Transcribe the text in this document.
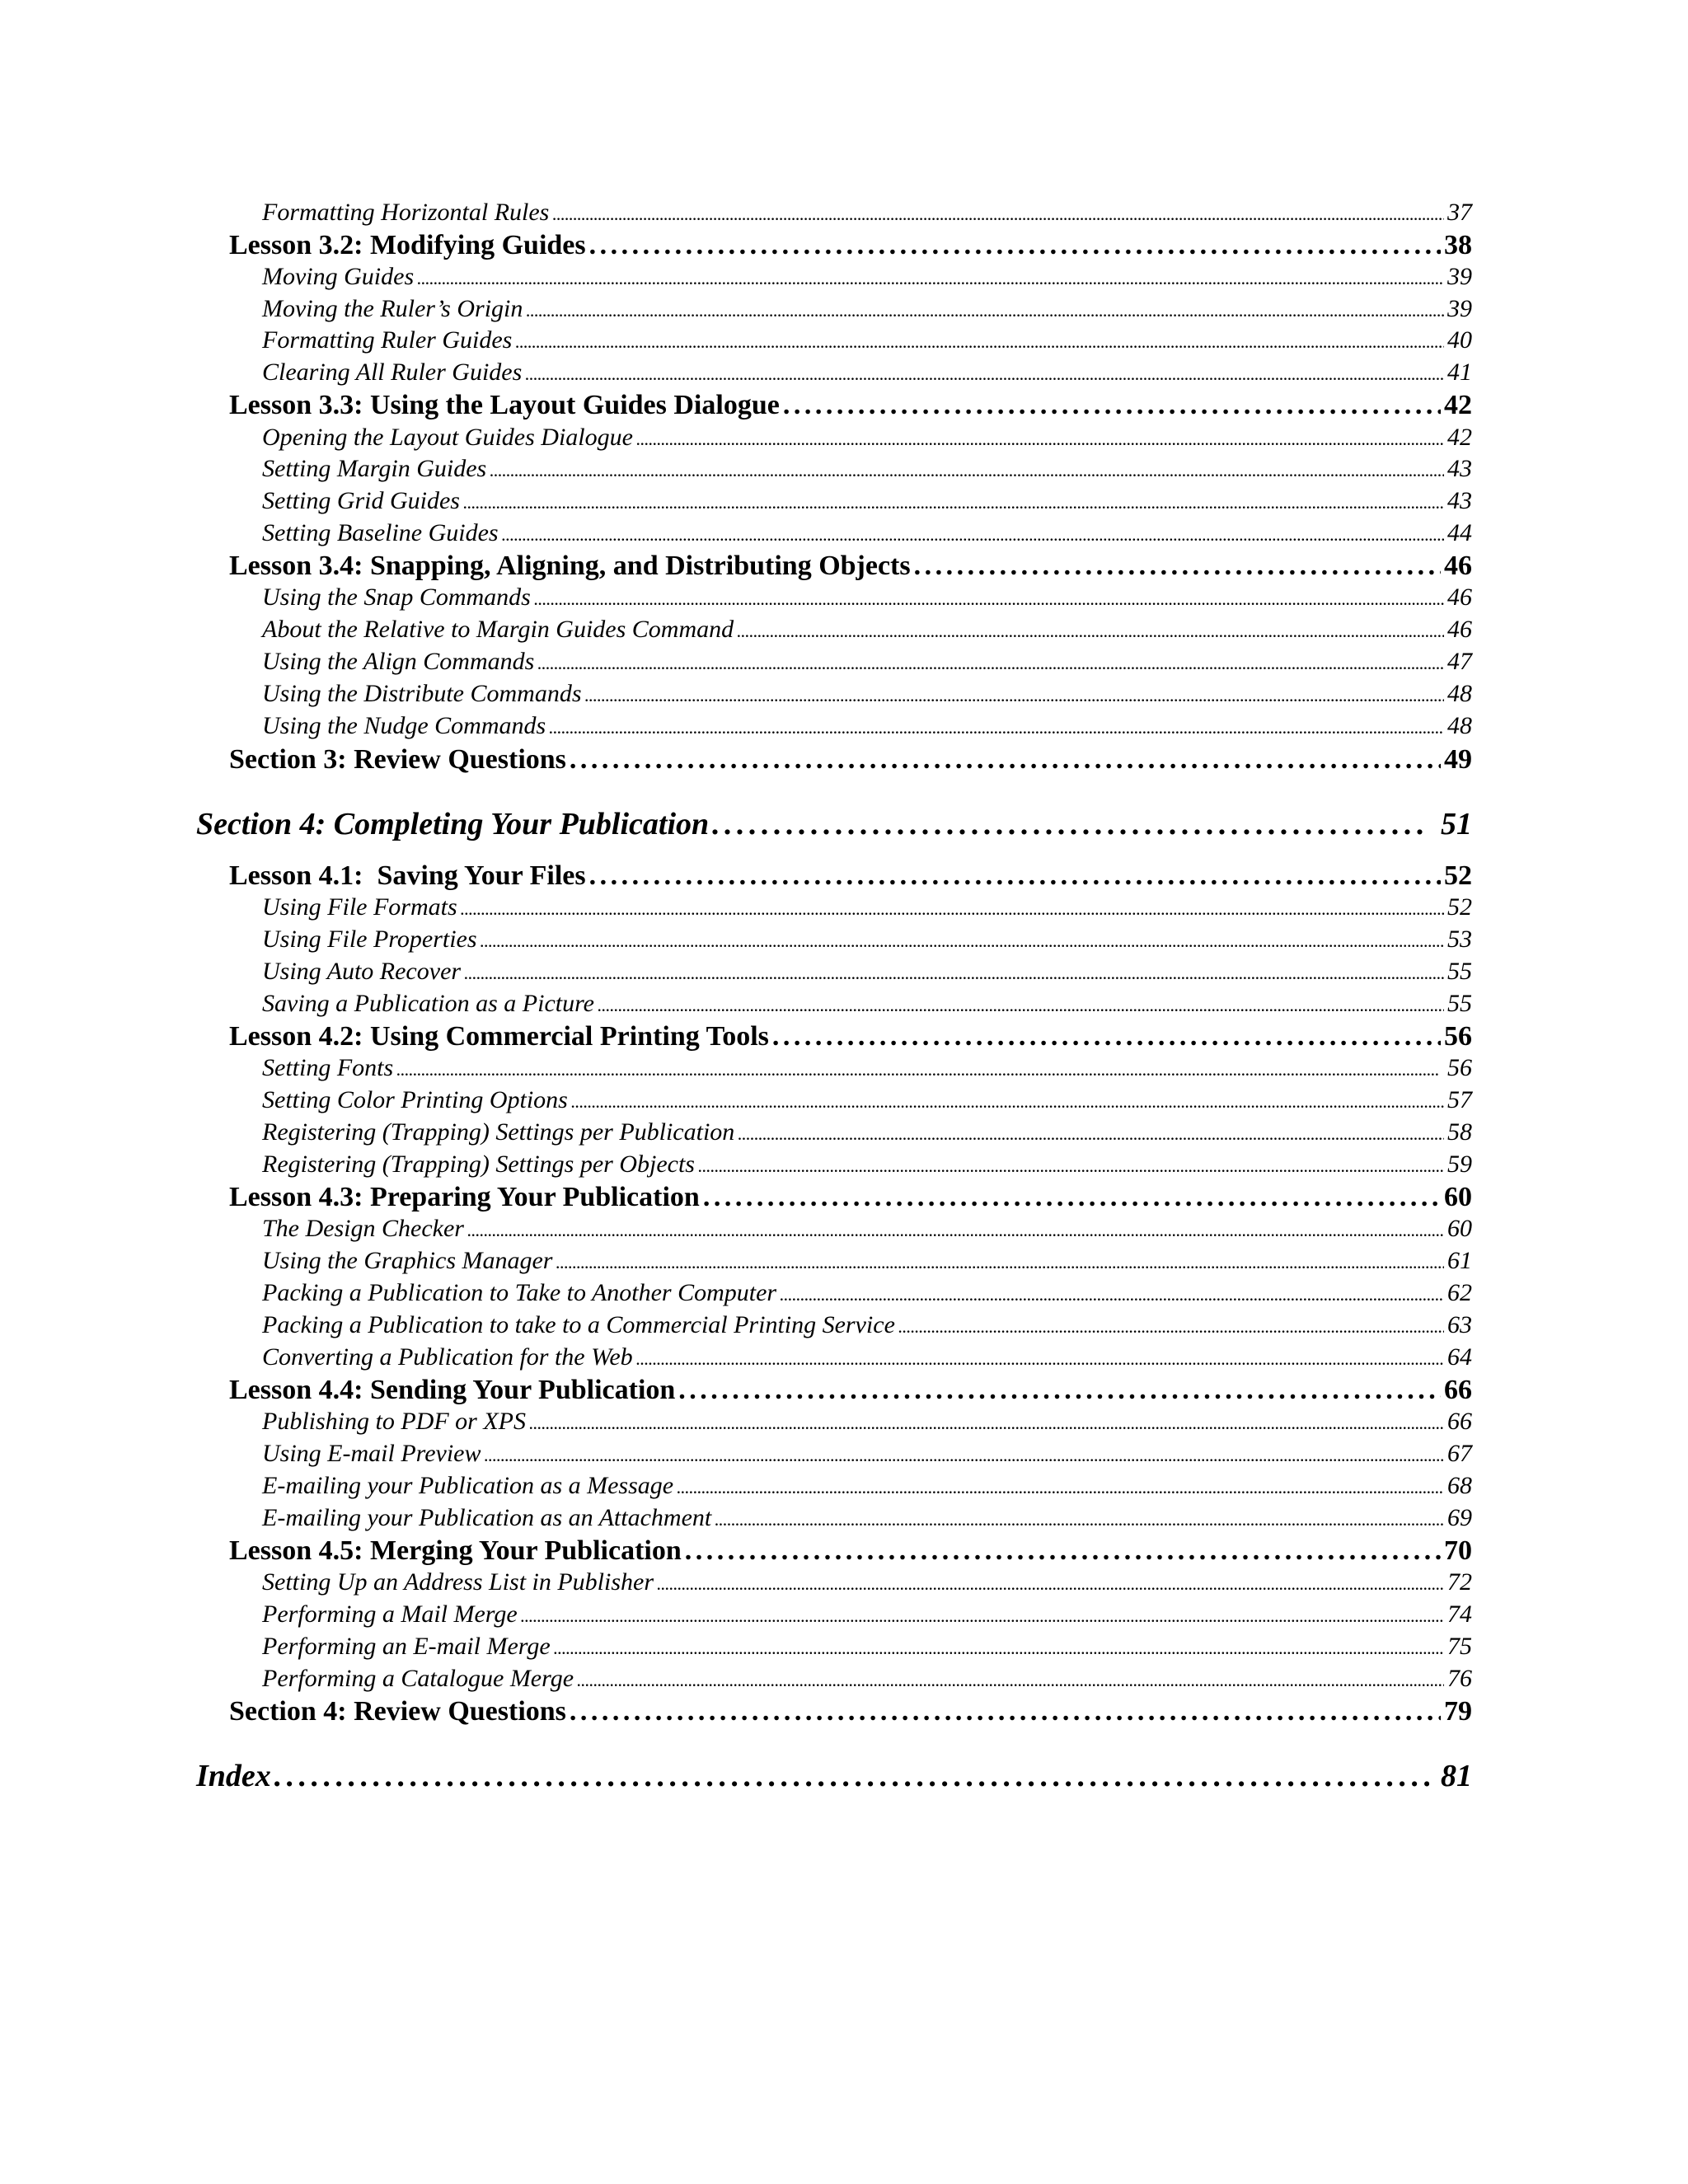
Formatting Horizontal Rules . . .	37
Lesson 3.2: Modifying Guides . . .	38
Moving Guides . . .	39
Moving the Ruler’s Origin . . .	39
Formatting Ruler Guides . . .	40
Clearing All Ruler Guides . . .	41
Lesson 3.3: Using the Layout Guides Dialogue . . .	42
Opening the Layout Guides Dialogue . . .	42
Setting Margin Guides . . .	43
Setting Grid Guides . . .	43
Setting Baseline Guides . . .	44
Lesson 3.4: Snapping, Aligning, and Distributing Objects . . .	46
Using the Snap Commands . . .	46
About the Relative to Margin Guides Command . . .	46
Using the Align Commands . . .	47
Using the Distribute Commands . . .	48
Using the Nudge Commands . . .	48
Section 3: Review Questions . . .	49
Section 4: Completing Your Publication . . .	51
Lesson 4.1:  Saving Your Files . . .	52
Using File Formats . . .	52
Using File Properties . . .	53
Using Auto Recover . . .	55
Saving a Publication as a Picture . . .	55
Lesson 4.2: Using Commercial Printing Tools . . .	56
Setting Fonts . . .	56
Setting Color Printing Options . . .	57
Registering (Trapping) Settings per Publication . . .	58
Registering (Trapping) Settings per Objects . . .	59
Lesson 4.3: Preparing Your Publication . . .	60
The Design Checker . . .	60
Using the Graphics Manager . . .	61
Packing a Publication to Take to Another Computer . . .	62
Packing a Publication to take to a Commercial Printing Service . . .	63
Converting a Publication for the Web . . .	64
Lesson 4.4: Sending Your Publication . . .	66
Publishing to PDF or XPS . . .	66
Using E-mail Preview . . .	67
E-mailing your Publication as a Message . . .	68
E-mailing your Publication as an Attachment . . .	69
Lesson 4.5: Merging Your Publication . . .	70
Setting Up an Address List in Publisher . . .	72
Performing a Mail Merge . . .	74
Performing an E-mail Merge . . .	75
Performing a Catalogue Merge . . .	76
Section 4: Review Questions . . .	79
Index . . .	81
